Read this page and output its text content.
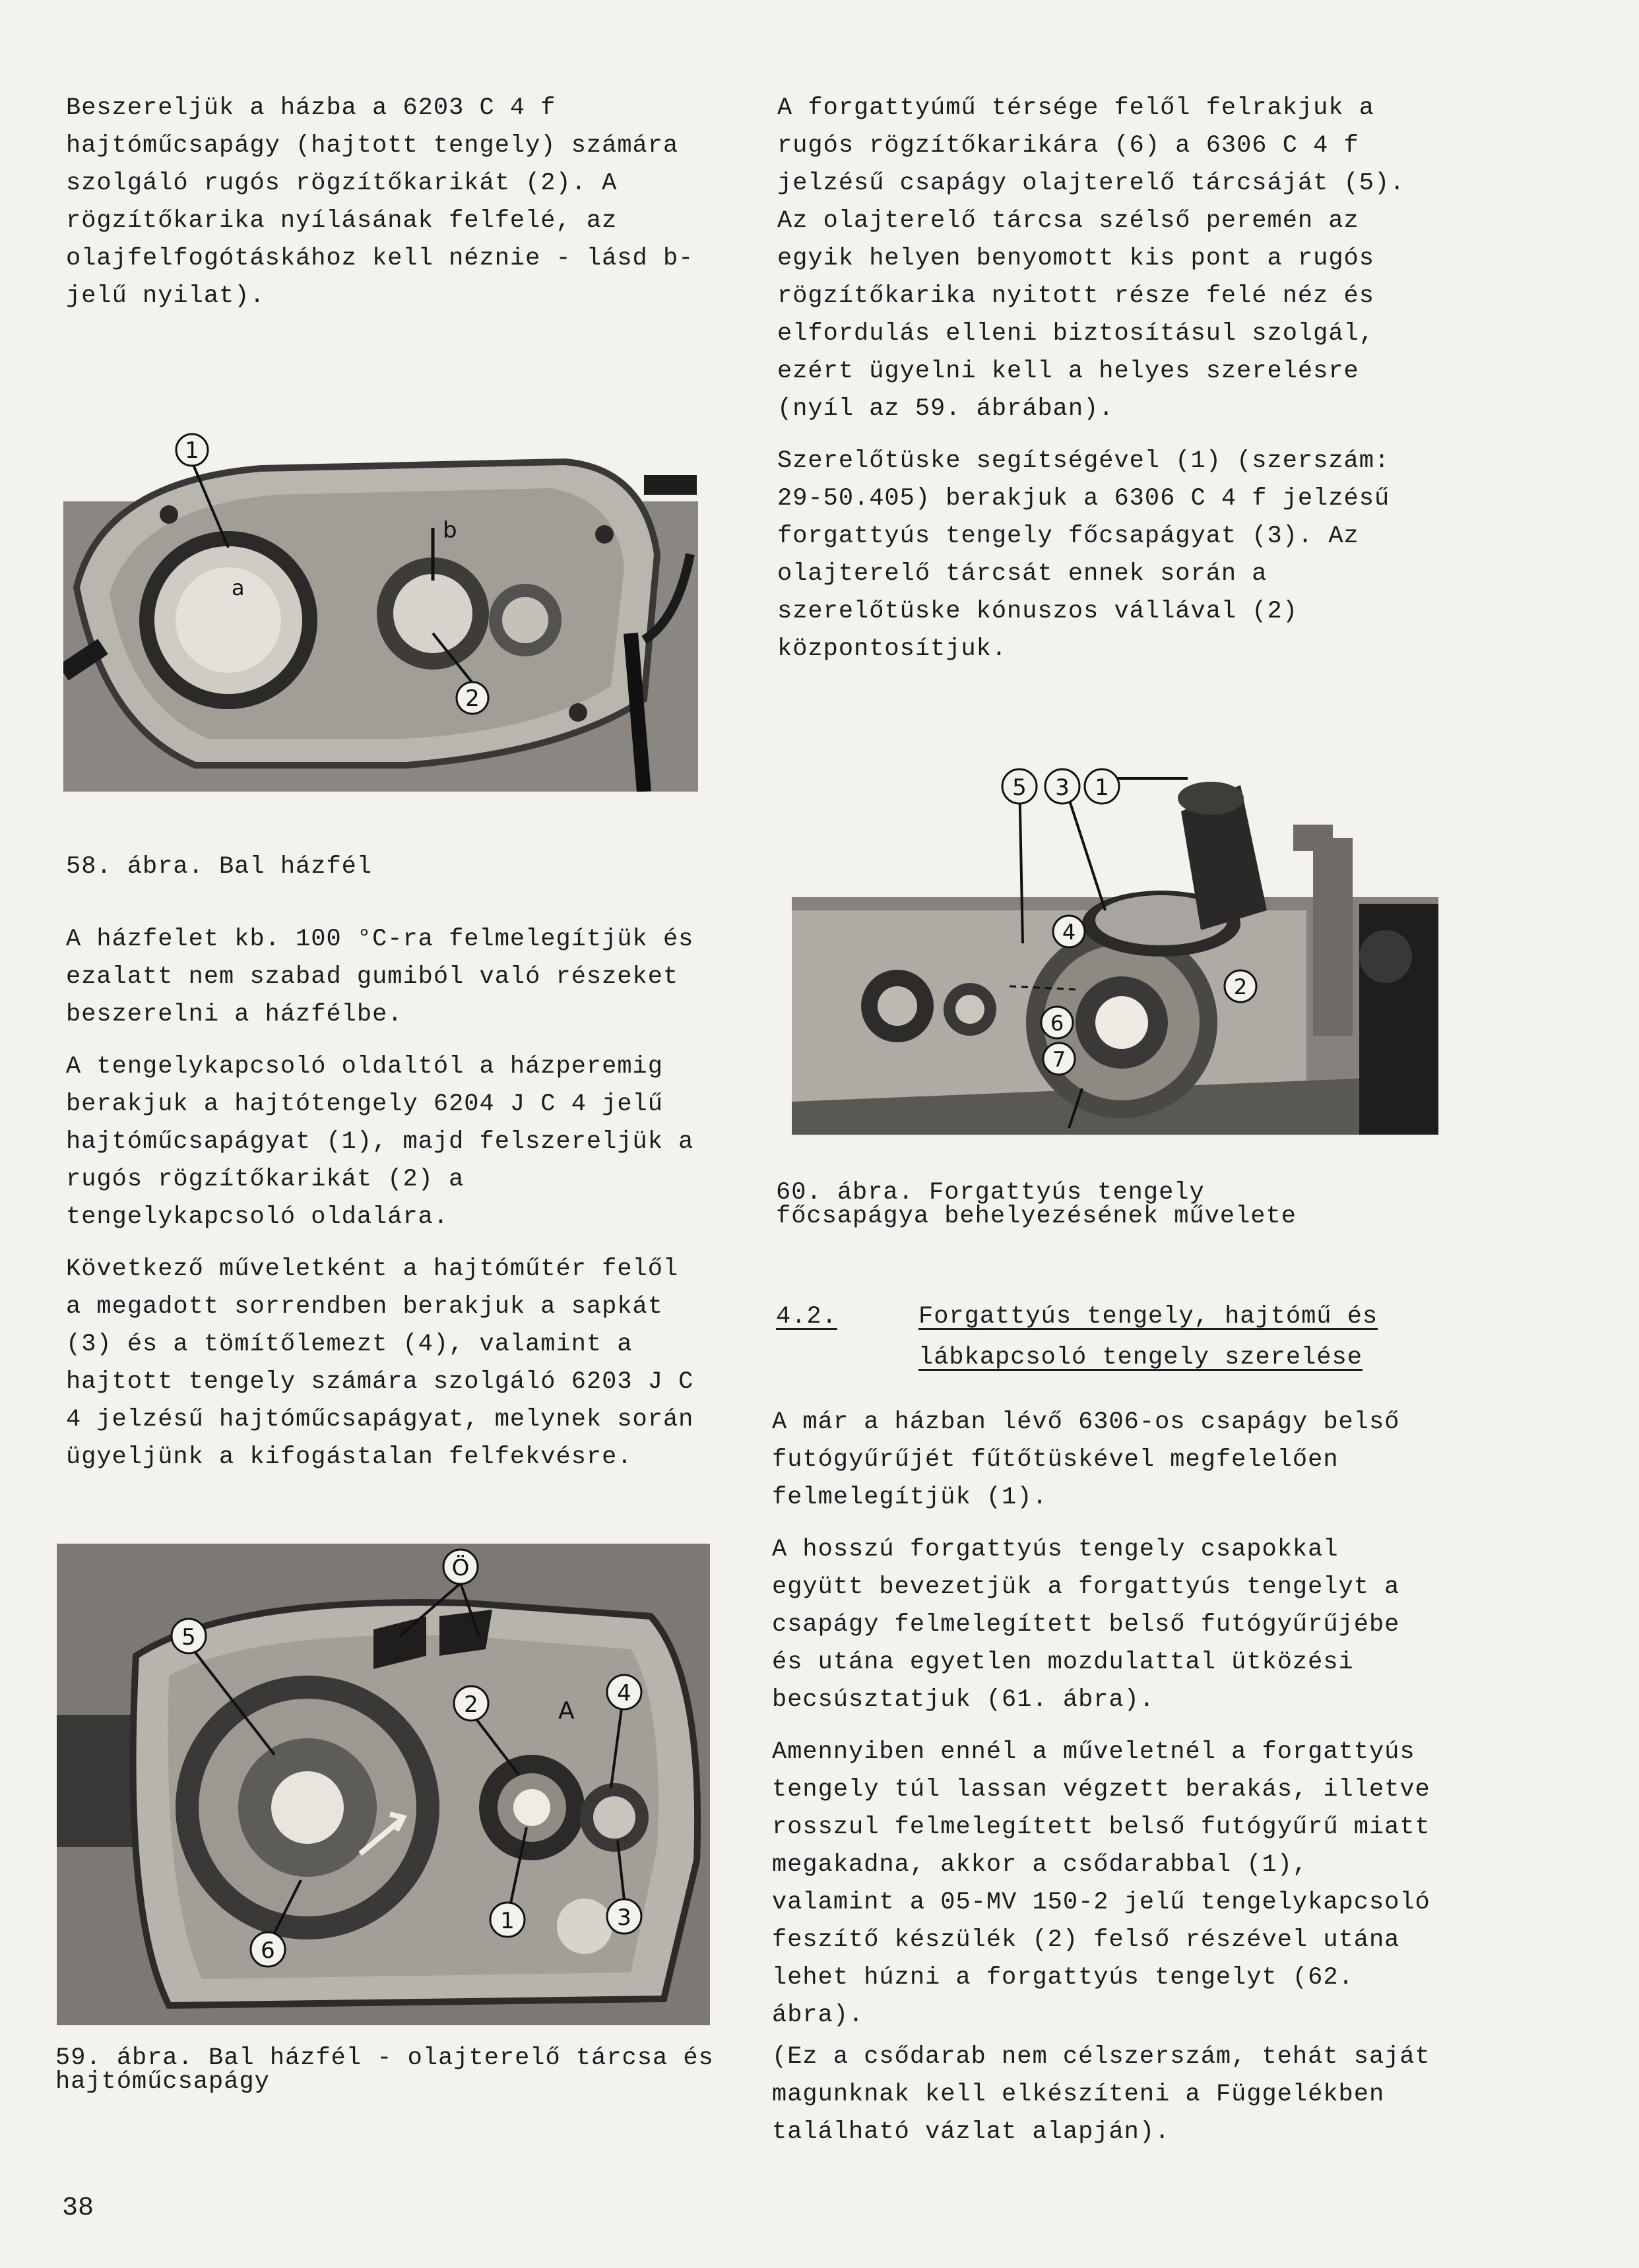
Beszereljük a házba a 6203 C 4 f hajtóműcsapágy (hajtott tengely) számára szolgáló rugós rögzítőkarikát (2). A rögzítőkarika nyílásának felfelé, az olajfelfogótáskához kell néznie - lásd b-jelű nyilat).
1
b
2
a
58. ábra. Bal házfél

A házfelet kb. 100 °C-ra felmelegítjük és ezalatt nem szabad gumiból való részeket beszerelni a házfélbe.

A tengelykapcsoló oldaltól a házperemig berakjuk a hajtótengely 6204 J C 4 jelű hajtóműcsapágyat (1), majd felszereljük a rugós rögzítőkarikát (2) a tengelykapcsoló oldalára.

Következő műveletként a hajtóműtér felől a megadott sorrendben berakjuk a sapkát (3) és a tömítőlemezt (4), valamint a hajtott tengely számára szolgáló 6203 J C 4 jelzésű hajtóműcsapágyat, melynek során ügyeljünk a kifogástalan felfekvésre.

Ö
5
2	A
4
1	3
6
59. ábra. Bal házfél - olajterelő tárcsa és hajtóműcsapágy

A forgattyúmű térsége felől felrakjuk a rugós rögzítőkarikára (6) a 6306 C 4 f jelzésű csapágy olajterelő tárcsáját (5). Az olajterelő tárcsa szélső peremén az egyik helyen benyomott kis pont a rugós rögzítőkarika nyitott része felé néz és elfordulás elleni biztosításul szolgál, ezért ügyelni kell a helyes szerelésre (nyíl az 59. ábrában).

Szerelőtüske segítségével (1) (szerszám: 29-50.405) berakjuk a 6306 C 4 f jelzésű forgattyús tengely főcsapágyat (3). Az olajterelő tárcsát ennek során a szerelőtüske kónuszos vállával (2) központosítjuk.

5 3 1
4
2
6
7
60. ábra. Forgattyús tengely főcsapágya behelyezésének művelete
4.2.	Forgattyús tengely, hajtómű és
lábkapcsoló tengely szerelése

A már a házban lévő 6306-os csapágy belső futógyűrűjét fűtőtüskével megfelelően felmelegítjük (1).

A hosszú forgattyús tengely csapokkal együtt bevezetjük a forgattyús tengelyt a csapágy felmelegített belső futógyűrűjébe és utána egyetlen mozdulattal ütközési becsúsztatjuk (61. ábra).

Amennyiben ennél a műveletnél a forgattyús tengely túl lassan végzett berakás, illetve rosszul felmelegített belső futógyűrű miatt megakadna, akkor a csődarabbal (1), valamint a 05-MV 150-2 jelű tengelykapcsoló feszítő készülék (2) felső részével utána lehet húzni a forgattyús tengelyt (62. ábra).

(Ez a csődarab nem célszerszám, tehát saját magunknak kell elkészíteni a Függelékben található vázlat alapján).

38
